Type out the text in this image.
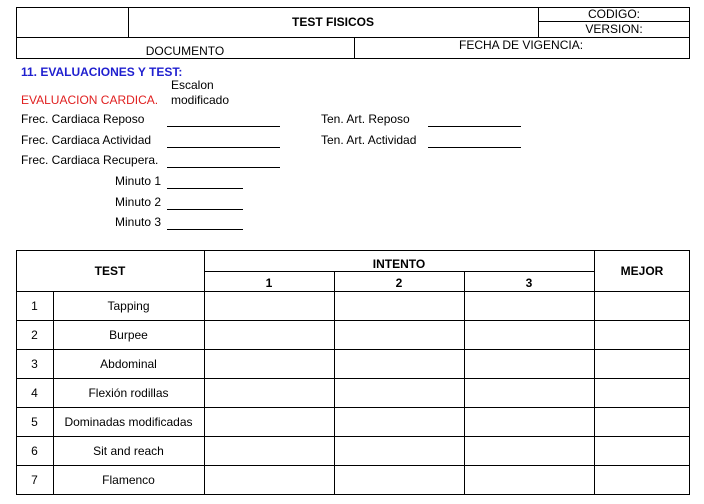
TEST FISICOS
CODIGO:
VERSION:
DOCUMENTO	FECHA DE VIGENCIA:
11. EVALUACIONES Y TEST:
EVALUACION CARDICA.
Escalon
modificado
Frec. Cardiaca Reposo
Frec. Cardiaca Actividad
Frec. Cardiaca Recupera.
Minuto 1
Minuto 2
Minuto 3
Ten. Art. Reposo
Ten. Art. Actividad
TEST	INTENTO	MEJOR
1	2	3
1	Tapping
2	Burpee
3	Abdominal
4	Flexión rodillas
5	Dominadas modificadas
6	Sit and reach
7	Flamenco
